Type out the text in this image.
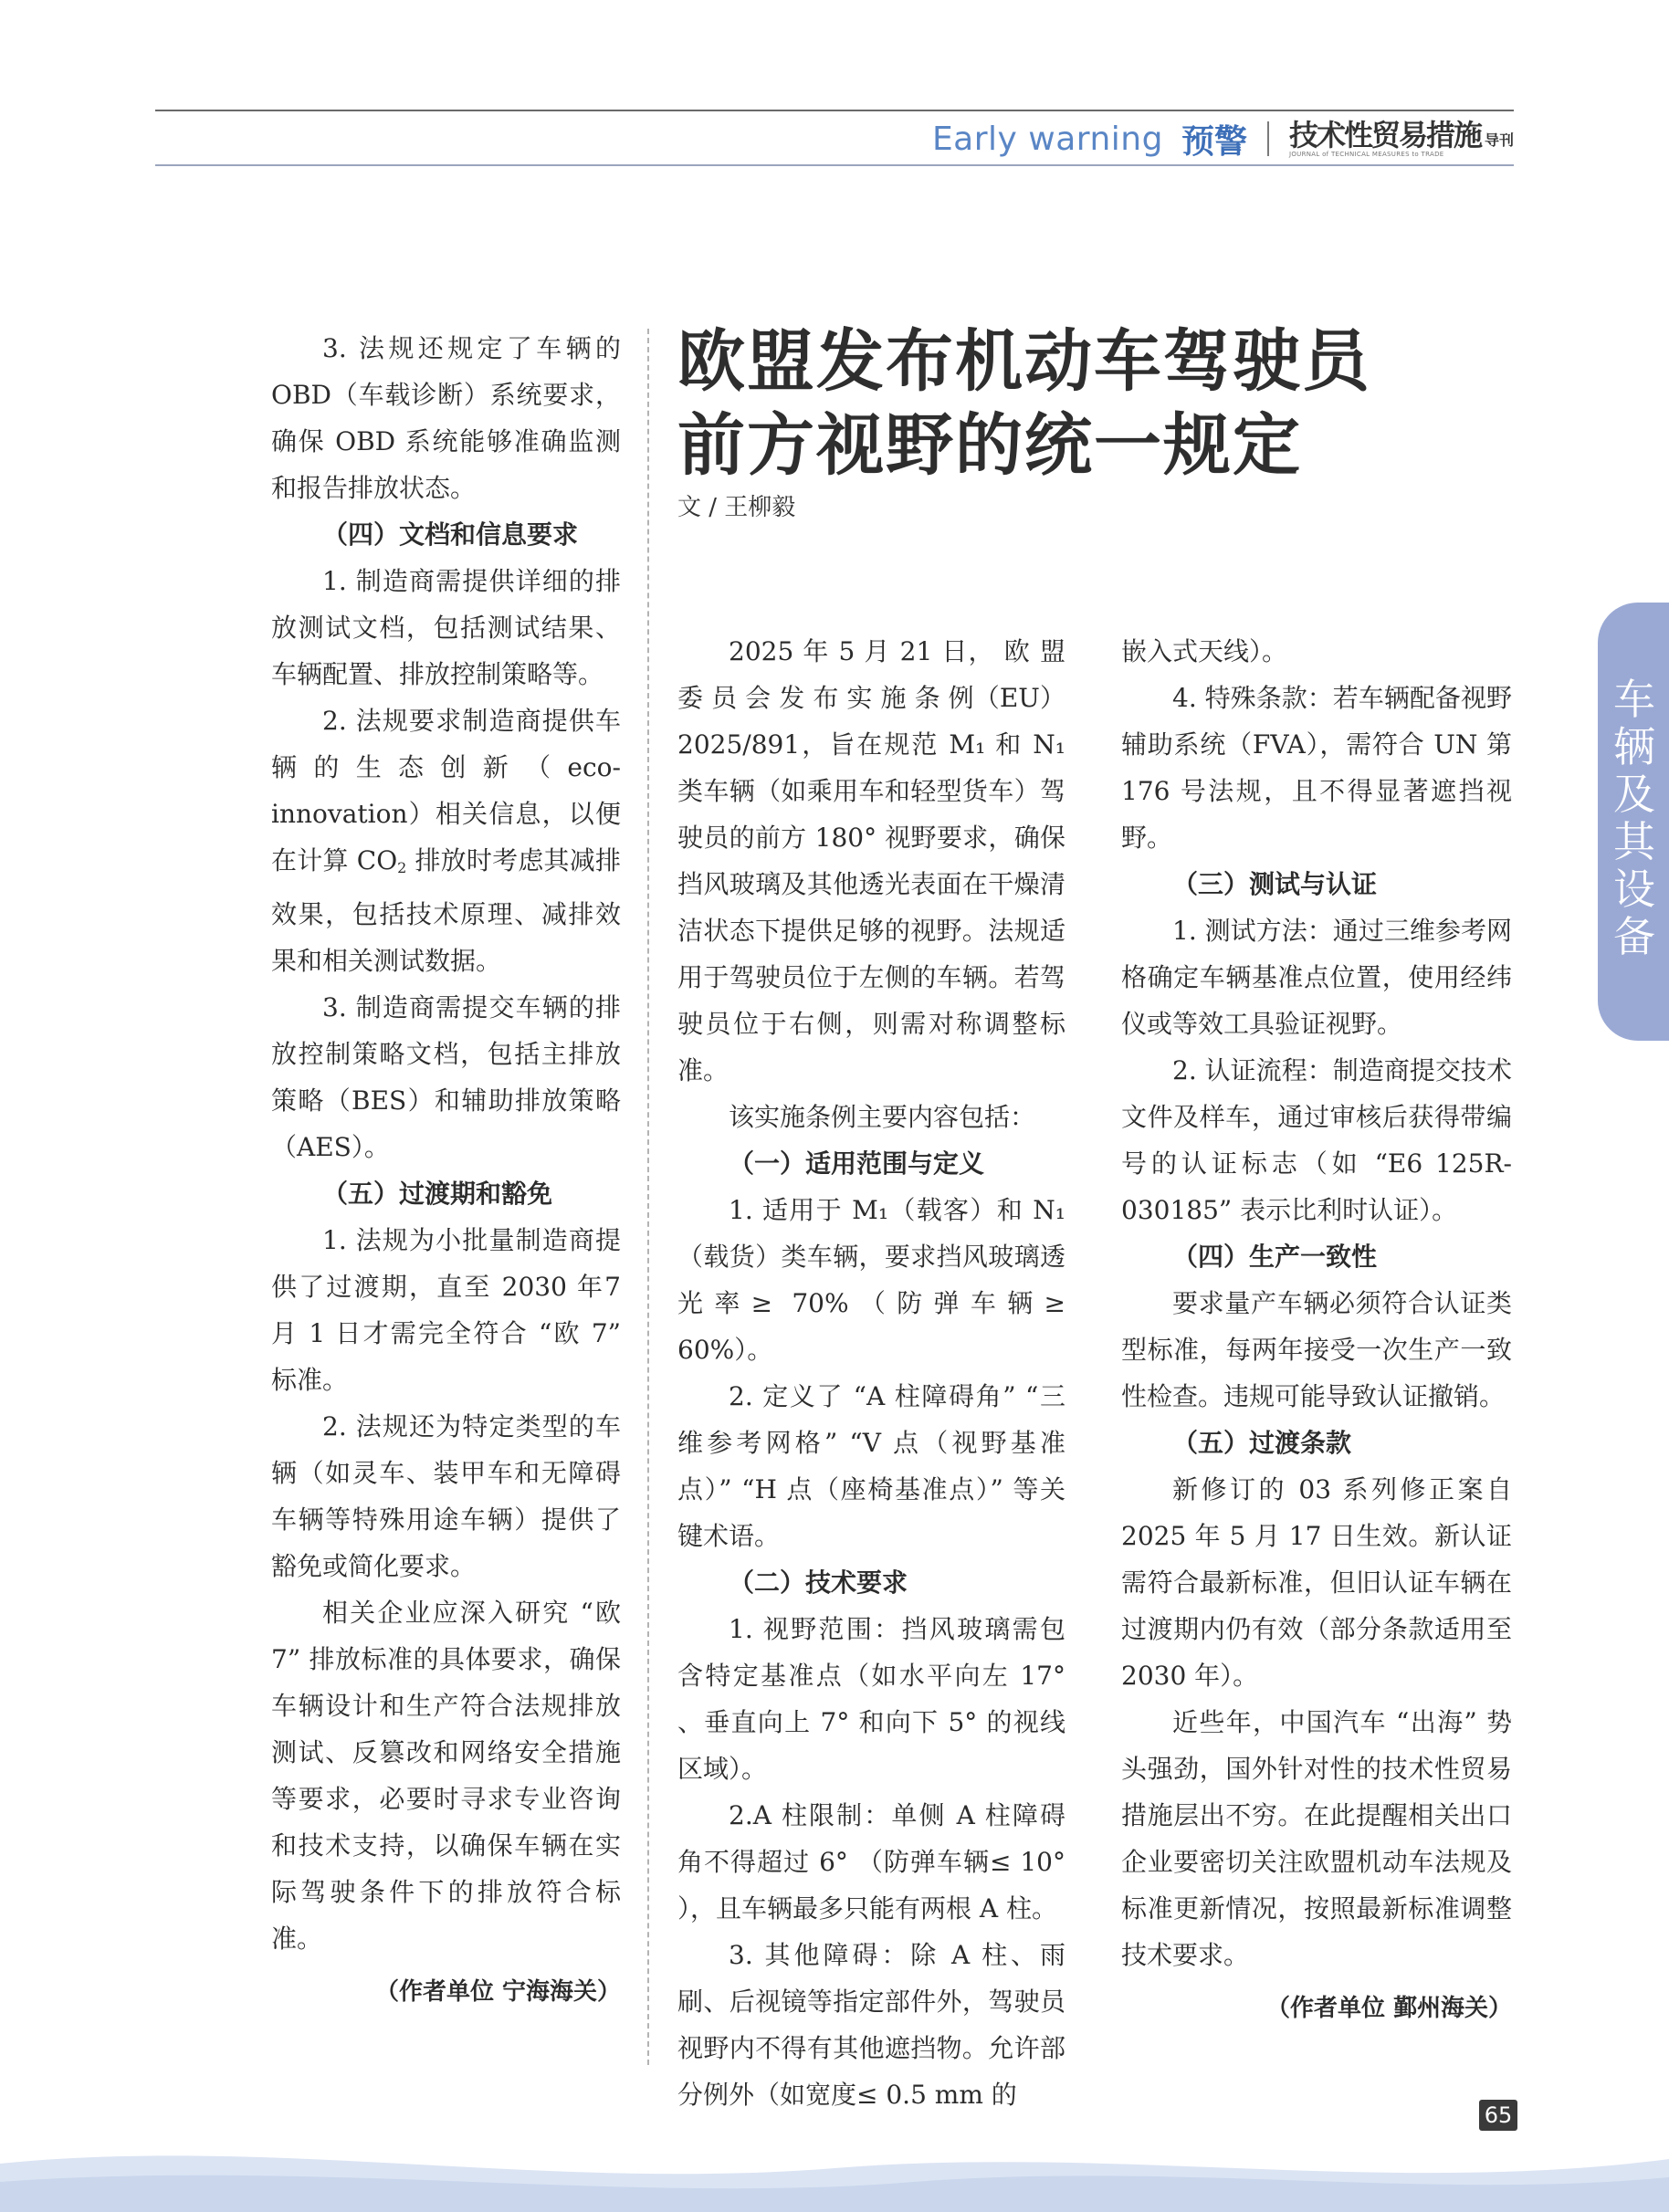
Early warning 预警 技术性贸易措施 导刊
JOURNAL of TECHNICAL MEASURES to TRADE
车
辆
及
其
设
备

3. 法规还规定了车辆的OBD（车载诊断）系统要求，确保 OBD 系统能够准确监测和报告排放状态。

（四）文档和信息要求

1. 制造商需提供详细的排放测试文档，包括测试结果、车辆配置、排放控制策略等。

2. 法规要求制造商提供车辆的生态创新（eco-innovation）相关信息，以便在计算 CO2 排放时考虑其减排效果，包括技术原理、减排效果和相关测试数据。

3. 制造商需提交车辆的排放控制策略文档，包括主排放策略（BES）和辅助排放策略（AES）。

（五）过渡期和豁免

1. 法规为小批量制造商提供了过渡期，直至 2030 年7 月 1 日才需完全符合 “欧 7” 标准。

2. 法规还为特定类型的车辆（如灵车、装甲车和无障碍车辆等特殊用途车辆）提供了豁免或简化要求。

相关企业应深入研究 “欧 7” 排放标准的具体要求，确保车辆设计和生产符合法规排放测试、反篡改和网络安全措施等要求，必要时寻求专业咨询和技术支持，以确保车辆在实际驾驶条件下的排放符合标准。

（作者单位 宁海海关）

欧盟发布机动车驾驶员
前方视野的统一规定
文 / 王柳毅

2025 年 5 月 21 日， 欧 盟 委 员 会 发 布 实 施 条 例（EU）2025/891，旨在规范 M₁ 和 N₁ 类车辆（如乘用车和轻型货车）驾驶员的前方 180° 视野要求，确保挡风玻璃及其他透光表面在干燥清洁状态下提供足够的视野。法规适用于驾驶员位于左侧的车辆。若驾驶员位于右侧，则需对称调整标准。

该实施条例主要内容包括：

（一）适用范围与定义

1. 适用于 M₁（载客）和 N₁（载货）类车辆，要求挡风玻璃透光率≥ 70%（防弹车辆≥ 60%）。

2. 定义了 “A 柱障碍角” “三维参考网格” “V 点（视野基准点）” “H 点（座椅基准点）” 等关键术语。

（二）技术要求

1. 视野范围：挡风玻璃需包含特定基准点（如水平向左 17° 、垂直向上 7° 和向下 5° 的视线区域）。

2.A 柱限制：单侧 A 柱障碍角不得超过 6° （防弹车辆≤ 10° ），且车辆最多只能有两根 A 柱。

3. 其他障碍：除 A 柱、雨刷、后视镜等指定部件外，驾驶员视野内不得有其他遮挡物。允许部分例外（如宽度≤ 0.5 mm 的

嵌入式天线）。

4. 特殊条款：若车辆配备视野辅助系统（FVA），需符合 UN 第 176 号法规，且不得显著遮挡视野。

（三）测试与认证

1. 测试方法：通过三维参考网格确定车辆基准点位置，使用经纬仪或等效工具验证视野。

2. 认证流程：制造商提交技术文件及样车，通过审核后获得带编号的认证标志（如 “E6 125R-030185” 表示比利时认证）。

（四）生产一致性

要求量产车辆必须符合认证类型标准，每两年接受一次生产一致性检查。违规可能导致认证撤销。

（五）过渡条款

新修订的 03 系列修正案自 2025 年 5 月 17 日生效。新认证需符合最新标准，但旧认证车辆在过渡期内仍有效（部分条款适用至 2030 年）。

近些年，中国汽车 “出海” 势头强劲，国外针对性的技术性贸易措施层出不穷。在此提醒相关出口企业要密切关注欧盟机动车法规及标准更新情况，按照最新标准调整技术要求。

（作者单位 鄞州海关）

65
